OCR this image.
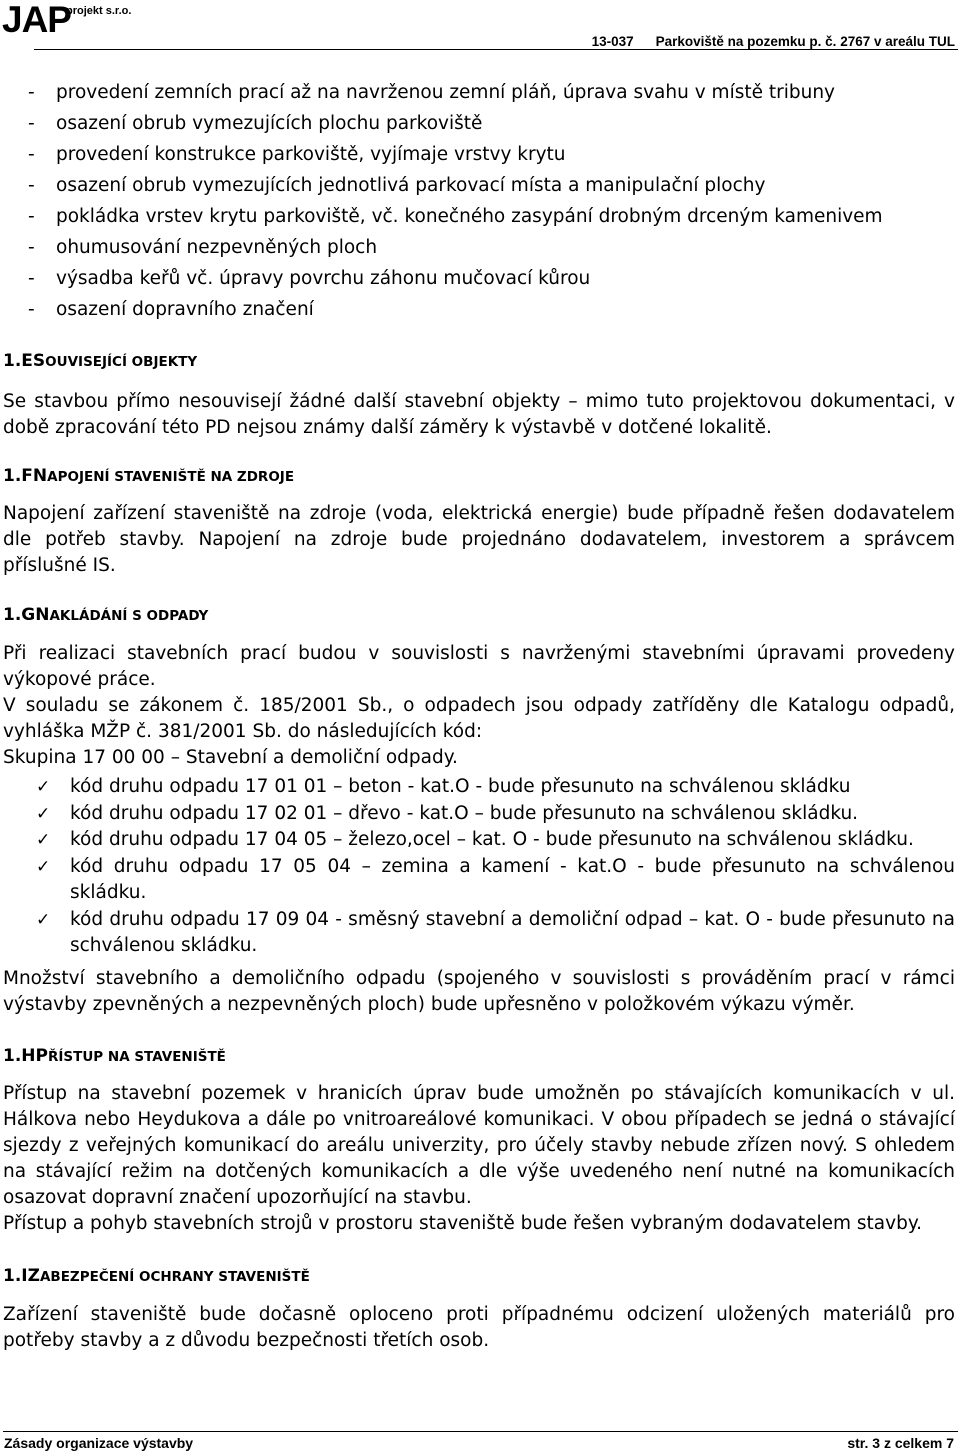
JAP
projekt s.r.o.
13-037 Parkoviště na pozemku p. č. 2767 v areálu TUL
- provedení zemních prací až na navrženou zemní pláň, úprava svahu v místě tribuny
- osazení obrub vymezujících plochu parkoviště
- provedení konstrukce parkoviště, vyjímaje vrstvy krytu
- osazení obrub vymezujících jednotlivá parkovací místa a manipulační plochy
- pokládka vrstev krytu parkoviště, vč. konečného zasypání drobným drceným kamenivem
- ohumusování nezpevněných ploch
- výsadba keřů vč. úpravy povrchu záhonu mučovací kůrou
- osazení dopravního značení
1.ESOUVISEJÍCÍ OBJEKTY

Se stavbou přímo nesouvisejí žádné další stavební objekty – mimo tuto projektovou dokumentaci, v době zpracování této PD nejsou známy další záměry k výstavbě v dotčené lokalitě.

1.FNAPOJENÍ STAVENIŠTĚ NA ZDROJE

Napojení zařízení staveniště na zdroje (voda, elektrická energie) bude případně řešen dodavatelem dle potřeb stavby. Napojení na zdroje bude projednáno dodavatelem, investorem a správcem příslušné IS.

1.GNAKLÁDÁNÍ S ODPADY

Při realizaci stavebních prací budou v souvislosti s navrženými stavebními úpravami provedeny výkopové práce.

V souladu se zákonem č. 185/2001 Sb., o odpadech jsou odpady zatříděny dle Katalogu odpadů, vyhláška MŽP č. 381/2001 Sb. do následujících kód:

Skupina 17 00 00 – Stavební a demoliční odpady.

✓ kód druhu odpadu 17 01 01 – beton - kat.O - bude přesunuto na schválenou skládku
✓ kód druhu odpadu 17 02 01 – dřevo - kat.O – bude přesunuto na schválenou skládku.
✓ kód druhu odpadu 17 04 05 – železo,ocel – kat. O - bude přesunuto na schválenou skládku.
✓ kód druhu odpadu 17 05 04 – zemina a kamení - kat.O - bude přesunuto na schválenou skládku.
✓ kód druhu odpadu 17 09 04 - směsný stavební a demoliční odpad – kat. O - bude přesunuto na schválenou skládku.

Množství stavebního a demoličního odpadu (spojeného v souvislosti s prováděním prací v rámci výstavby zpevněných a nezpevněných ploch) bude upřesněno v položkovém výkazu výměr.

1.HPŘÍSTUP NA STAVENIŠTĚ

Přístup na stavební pozemek v hranicích úprav bude umožněn po stávajících komunikacích v ul. Hálkova nebo Heydukova a dále po vnitroareálové komunikaci. V obou případech se jedná o stávající sjezdy z veřejných komunikací do areálu univerzity, pro účely stavby nebude zřízen nový. S ohledem na stávající režim na dotčených komunikacích a dle výše uvedeného není nutné na komunikacích osazovat dopravní značení upozorňující na stavbu.

Přístup a pohyb stavebních strojů v prostoru staveniště bude řešen vybraným dodavatelem stavby.

1.IZABEZPEČENÍ OCHRANY STAVENIŠTĚ

Zařízení staveniště bude dočasně oploceno proti případnému odcizení uložených materiálů pro potřeby stavby a z důvodu bezpečnosti třetích osob.

Zásady organizace výstavby	str. 3 z celkem 7
